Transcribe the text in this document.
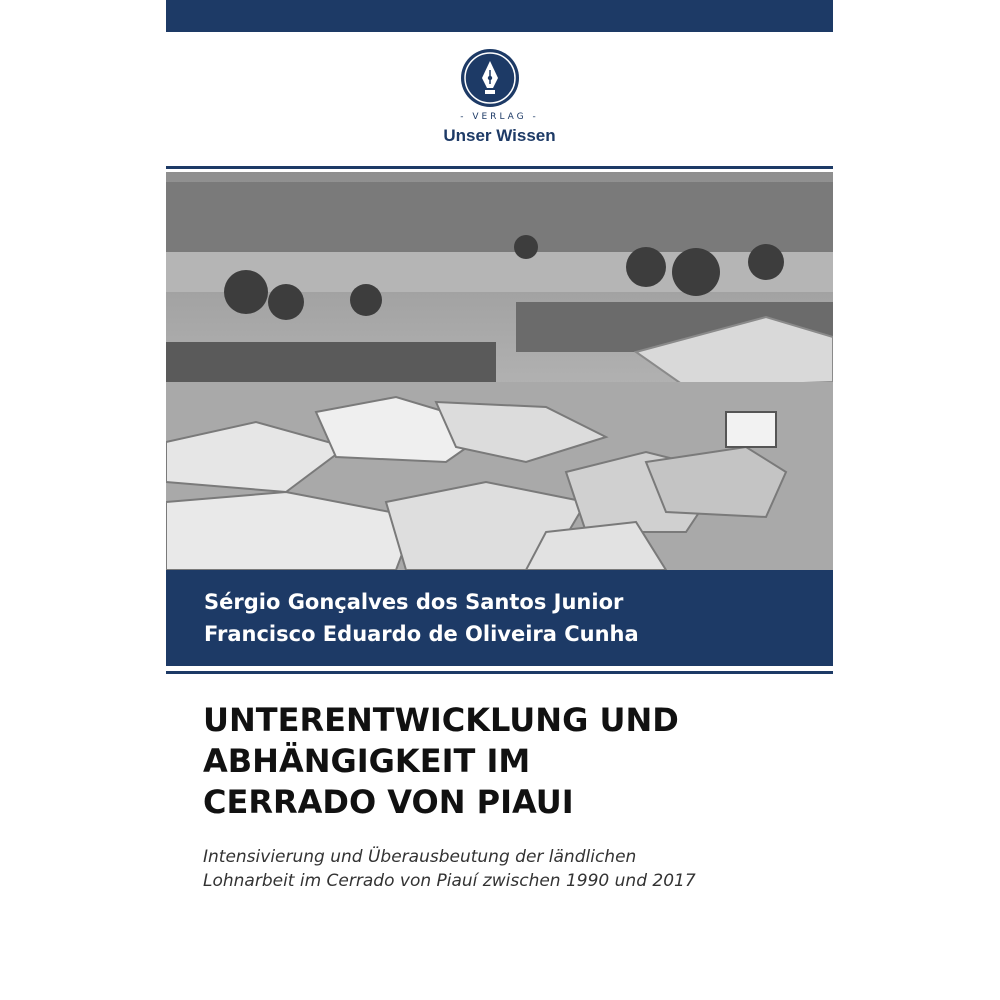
- VERLAG -
Unser Wissen
Sérgio Gonçalves dos Santos Junior
Francisco Eduardo de Oliveira Cunha
UNTERENTWICKLUNG UND
ABHÄNGIGKEIT IM
CERRADO VON PIAUI
Intensivierung und Überausbeutung der ländlichen
Lohnarbeit im Cerrado von Piauí zwischen 1990 und 2017
